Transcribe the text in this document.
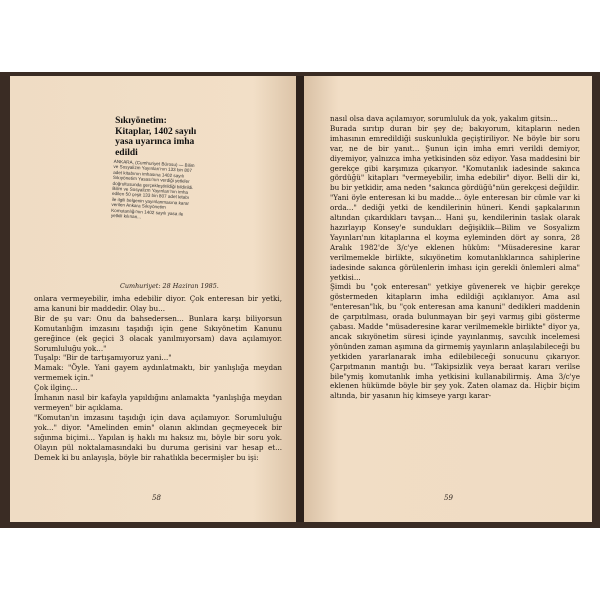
Sıkıyönetim: Kitaplar, 1402 sayılı yasa uyarınca imha edildi

ANKARA, (Cumhuriyet Bürosu) — Bilim ve Sosyalizm Yayınları'nın 133 bin 807 adet kitabının imhasına 1402 sayılı Sıkıyönetim Yasası'nın verdiği yetkiler doğrultusunda gerçekleştirildiği bildirildi.
Bilim ve Sosyalizm Yayınları'nın imha edilen 50 çeşit 133 bin 807 adet kitabı ile ilgili belgenin yayınlanmasına karar verilen Ankara Sıkıyönetim Komutanlığı'nın 1402 sayılı yasa ile yetkili kılınan...
Cumhuriyet: 28 Haziran 1985.
onlara vermeyebilir, imha edebilir diyor. Çok enteresan bir yetki, ama kanuni bir maddedir. Olay bu...
Bir de şu var: Onu da bahsedersen... Bunlara karşı biliyorsun Komutanlığın imzasını taşıdığı için gene Sıkıyönetim Kanunu gereğince (ek geçici 3 olacak yanılmıyorsam) dava açılamıyor. Sorumluluğu yok..."
Tuşalp: "Bir de tartışamıyoruz yani..."
Mamak: "Öyle. Yani gayem aydınlatmaktı, bir yanlışlığa meydan vermemek için."
Çok ilginç...
İmhanın nasıl bir kafayla yapıldığını anlamakta "yanlışlığa meydan vermeyen" bir açıklama.
"Komutan'ın imzasını taşıdığı için dava açılamıyor. Sorumluluğu yok..." diyor. "Amelinden emin" olanın aklından geçmeyecek bir sığınma biçimi... Yapılan iş haklı mı haksız mı, böyle bir soru yok. Olayın pül noktalamasındaki bu duruma gerisini var hesap et... Demek ki bu anlayışla, böyle bir rahatlıkla becermişler bu işi:
58
nasıl olsa dava açılamıyor, sorumluluk da yok, yakalım gitsin...
Burada sırıtıp duran bir şey de; bakıyorum, kitapların neden imhasının emredildiği suskunlukla geçiştiriliyor. Ne böyle bir soru var, ne de bir yanıt... Şunun için imha emri verildi demiyor, diyemiyor, yalnızca imha yetkisinden söz ediyor. Yasa maddesini bir gerekçe gibi karşımıza çıkarıyor. "Komutanlık iadesinde sakınca gördüğü" kitapları "vermeyebilir, imha edebilir" diyor. Belli dir ki, bu bir yetkidir, ama neden "sakınca gördüğü"nün gerekçesi değildir.
"Yani öyle enteresan ki bu madde... öyle enteresan bir cümle var ki orda..." dediği yetki de kendilerinin hüneri. Kendi şapkalarının altından çıkardıkları tavşan... Hani şu, kendilerinin taslak olarak hazırlayıp Konsey'e sundukları değişiklik—Bilim ve Sosyalizm Yayınları'nın kitaplarına el koyma eyleminden dört ay sonra, 28 Aralık 1982'de 3/c'ye eklenen hüküm: "Müsaderesine karar verilmemekle birlikte, sıkıyönetim komutanlıklarınca sahiplerine iadesinde sakınca görülenlerin imhası için gerekli önlemleri alma" yetkisi...
Şimdi bu "çok enteresan" yetkiye güvenerek ve hiçbir gerekçe göstermeden kitapların imha edildiği açıklanıyor. Ama asıl "enteresan"lık, bu "çok enteresan ama kanuni" dedikleri maddenin de çarpıtılması, orada bulunmayan bir şeyi varmış gibi gösterme çabası. Madde "müsaderesine karar verilmemekle birlikte" diyor ya, ancak sıkıyönetim süresi içinde yayınlanmış, savcılık incelemesi yönünden zaman aşımına da girmemiş yayınların anlaşılabileceği bu yetkiden yararlanarak imha edilebileceği sonucunu çıkarıyor. Çarpıtmanın mantığı bu. "Takipsizlik veya beraat kararı verilse bile"ymiş komutanlık imha yetkisini kullanabilirmiş. Ama 3/c'ye eklenen hükümde böyle bir şey yok. Zaten olamaz da. Hiçbir biçim altında, bir yasanın hiç kimseye yargı karar-
59
